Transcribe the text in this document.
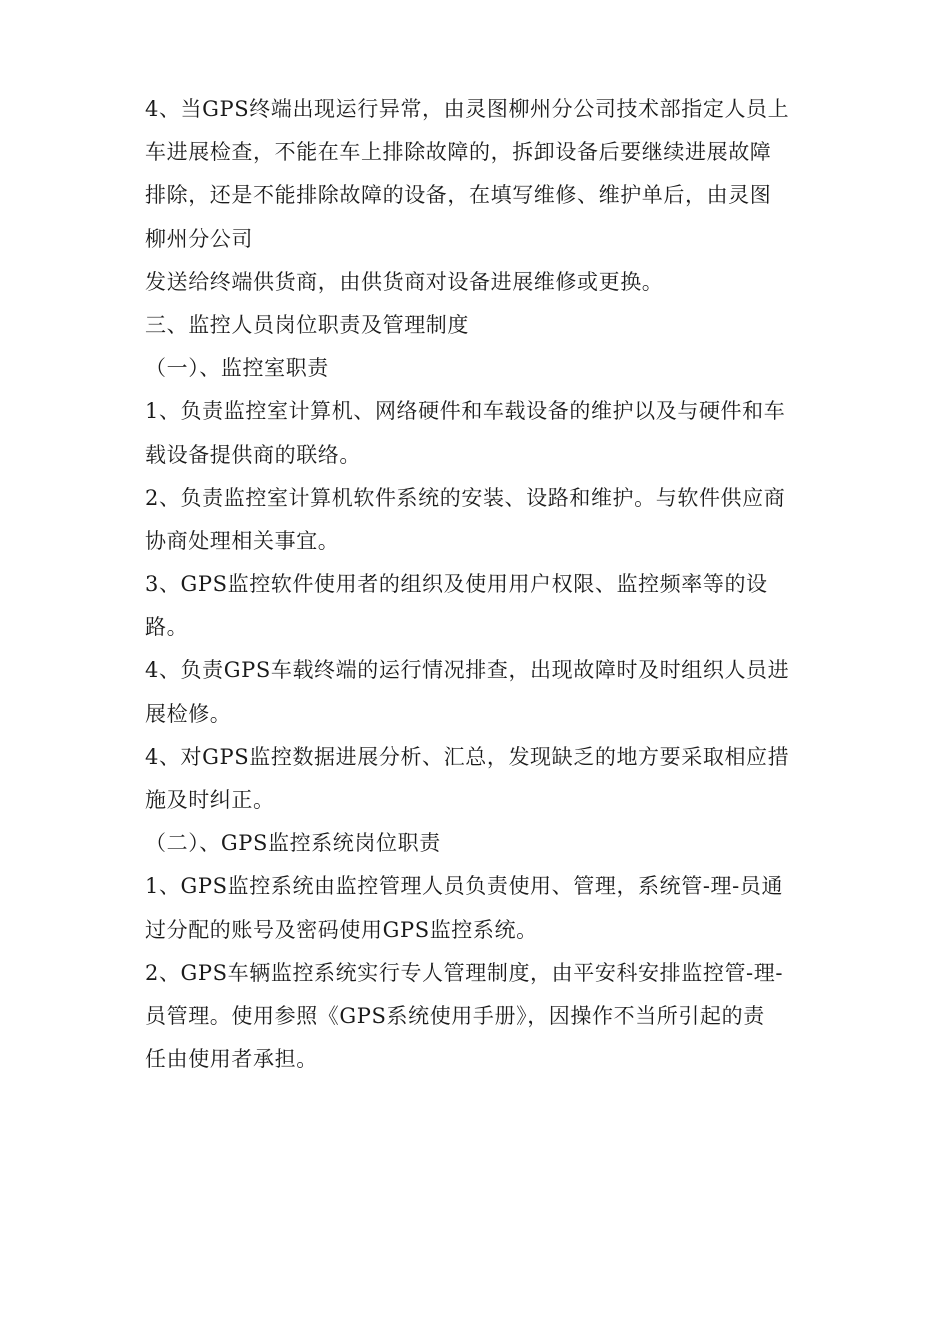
4、当GPS终端出现运行异常，由灵图柳州分公司技术部指定人员上
车进展检查，不能在车上排除故障的，拆卸设备后要继续进展故障
排除，还是不能排除故障的设备，在填写维修、维护单后，由灵图
柳州分公司
发送给终端供货商，由供货商对设备进展维修或更换。
三、监控人员岗位职责及管理制度
（一）、监控室职责
1、负责监控室计算机、网络硬件和车载设备的维护以及与硬件和车
载设备提供商的联络。
2、负责监控室计算机软件系统的安装、设路和维护。与软件供应商
协商处理相关事宜。
3、GPS监控软件使用者的组织及使用用户权限、监控频率等的设
路。
4、负责GPS车载终端的运行情况排查，出现故障时及时组织人员进
展检修。
4、对GPS监控数据进展分析、汇总，发现缺乏的地方要采取相应措
施及时纠正。
（二）、GPS监控系统岗位职责
1、GPS监控系统由监控管理人员负责使用、管理，系统管-理-员通
过分配的账号及密码使用GPS监控系统。
2、GPS车辆监控系统实行专人管理制度，由平安科安排监控管-理-
员管理。使用参照《GPS系统使用手册》，因操作不当所引起的责
任由使用者承担。
